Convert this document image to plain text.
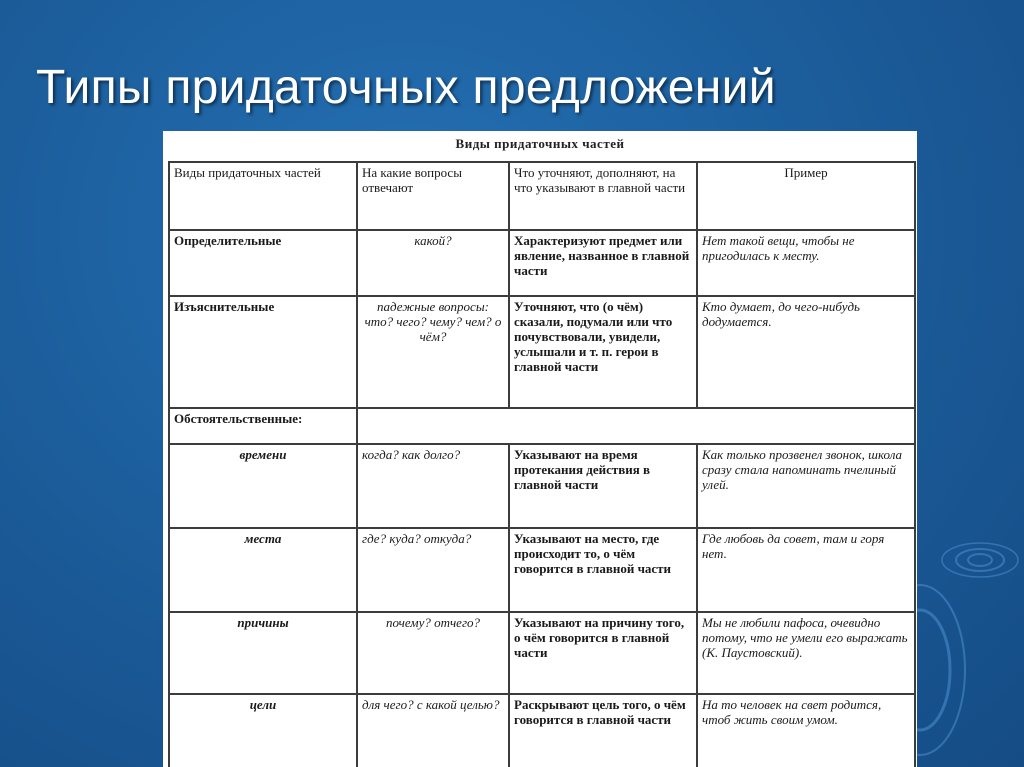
Типы придаточных предложений
Виды придаточных частей
Виды придаточных частей	На какие вопросы отвечают	Что уточняют, дополняют, на что указывают в главной части	Пример
Определительные	какой?	Характеризуют предмет или явление, названное в главной части	Нет такой вещи, чтобы не пригодилась к месту.
Изъяснительные	падежные вопросы: что? чего? чему? чем? о чём?	Уточняют, что (о чём) сказали, подумали или что почувствовали, увидели, услышали и т. п. герои в главной части	Кто думает, до чего-нибудь додумается.
Обстоятельственные:			
времени	когда? как долго?	Указывают на время протекания действия в главной части	Как только прозвенел звонок, школа сразу стала напоминать пчелиный улей.
места	где? куда? откуда?	Указывают на место, где происходит то, о чём говорится в главной части	Где любовь да совет, там и горя нет.
причины	почему? отчего?	Указывают на причину того, о чём говорится в главной части	Мы не любили пафоса, очевидно потому, что не умели его выражать (К. Паустовский).
цели	для чего? с какой целью?	Раскрывают цель того, о чём говорится в главной части	На то человек на свет родится, чтоб жить своим умом.
